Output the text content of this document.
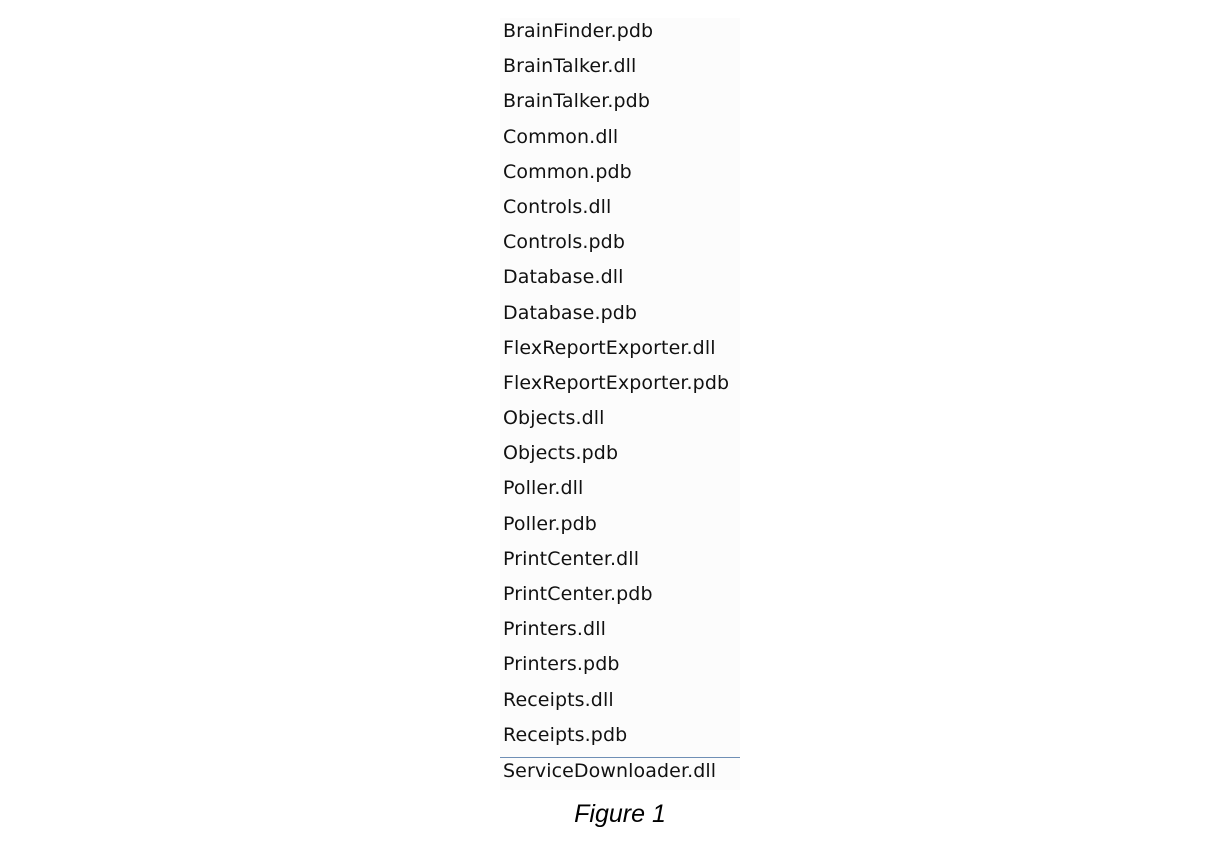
BrainFinder.pdb
BrainTalker.dll
BrainTalker.pdb
Common.dll
Common.pdb
Controls.dll
Controls.pdb
Database.dll
Database.pdb
FlexReportExporter.dll
FlexReportExporter.pdb
Objects.dll
Objects.pdb
Poller.dll
Poller.pdb
PrintCenter.dll
PrintCenter.pdb
Printers.dll
Printers.pdb
Receipts.dll
Receipts.pdb
ServiceDownloader.dll
Figure 1
